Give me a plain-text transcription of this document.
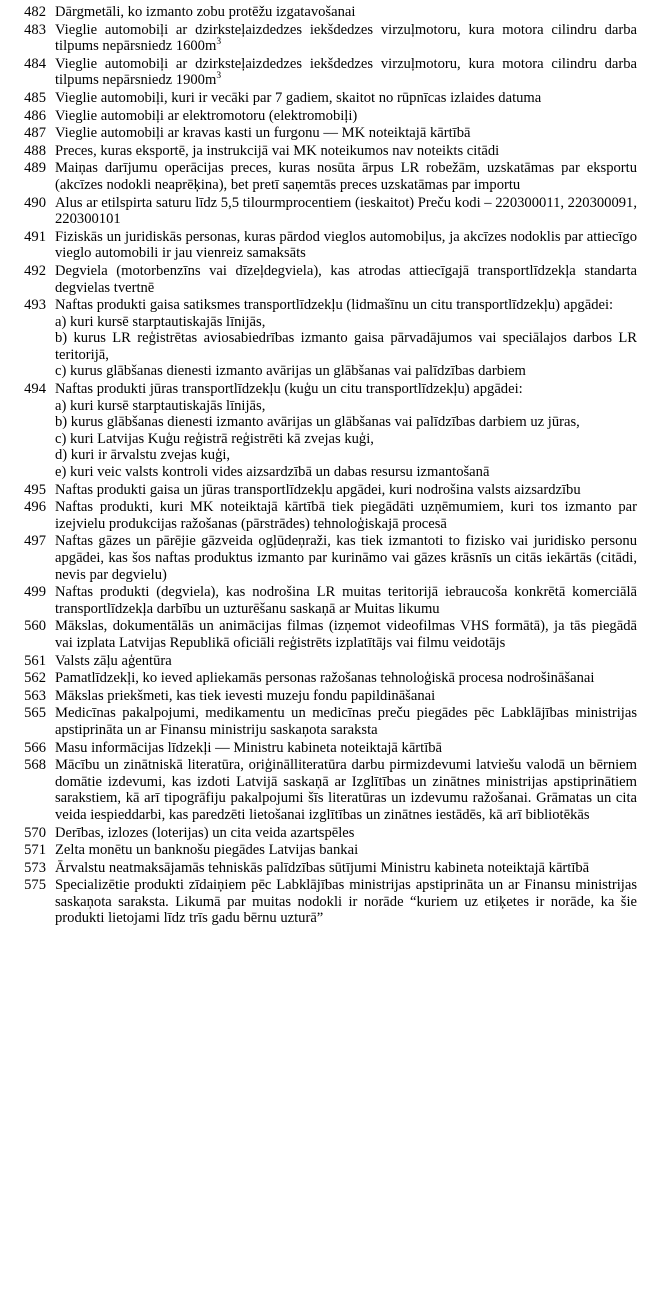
482 Dārgmetāli, ko izmanto zobu protēžu izgatavošanai

483 Vieglie automobiļi ar dzirksteļaizdedzes iekšdedzes virzuļmotoru, kura motora cilindru darba tilpums nepārsniedz $1600m^3$

484 Vieglie automobiļi ar dzirksteļaizdedzes iekšdedzes virzuļmotoru, kura motora cilindru darba tilpums nepārsniedz $1900m^3$

485 Vieglie automobiļi, kuri ir vecāki par 7 gadiem, skaitot no rūpnīcas izlaides datuma

486 Vieglie automobiļi ar elektromotoru (elektromobiļi)

487 Vieglie automobiļi ar kravas kasti un furgonu — MK noteiktajā kārtībā

488 Preces, kuras eksportē, ja instrukcijā vai MK noteikumos nav noteikts citādi

489 Maiņas darījumu operācijas preces, kuras nosūta ārpus LR robežām, uzskatāmas par eksportu (akcīzes nodokli neaprēķina), bet pretī saņemtās preces uzskatāmas par importu

490 Alus ar etilspirta saturu līdz 5,5 tilourmprocentiem (ieskaitot) Preču kodi – 220300011, 220300091, 220300101

491 Fiziskās un juridiskās personas, kuras pārdod vieglos automobiļus, ja akcīzes nodoklis par attiecīgo vieglo automobili ir jau vienreiz samaksāts

492 Degviela (motorbenzīns vai dīzeļdegviela), kas atrodas attiecīgajā transportlīdzekļa standarta degvielas tvertnē

493 Naftas produkti gaisa satiksmes transportlīdzekļu (lidmašīnu un citu transportlīdzekļu) apgādei:

a) kuri kursē starptautiskajās līnijās,

b) kurus LR reģistrētas aviosabiedrības izmanto gaisa pārvadājumos vai speciālajos darbos LR teritorijā,

c) kurus glābšanas dienesti izmanto avārijas un glābšanas vai palīdzības darbiem

494 Naftas produkti jūras transportlīdzekļu (kuģu un citu transportlīdzekļu) apgādei:

a) kuri kursē starptautiskajās līnijās,

b) kurus glābšanas dienesti izmanto avārijas un glābšanas vai palīdzības darbiem uz jūras,

c) kuri Latvijas Kuģu reģistrā reģistrēti kā zvejas kuģi,

d) kuri ir ārvalstu zvejas kuģi,

e) kuri veic valsts kontroli vides aizsardzībā un dabas resursu izmantošanā

495 Naftas produkti gaisa un jūras transportlīdzekļu apgādei, kuri nodrošina valsts aizsardzību

496 Naftas produkti, kuri MK noteiktajā kārtībā tiek piegādāti uzņēmumiem, kuri tos izmanto par izejvielu produkcijas ražošanas (pārstrādes) tehnoloģiskajā procesā

497 Naftas gāzes un pārējie gāzveida ogļūdeņraži, kas tiek izmantoti to fizisko vai juridisko personu apgādei, kas šos naftas produktus izmanto par kurināmo vai gāzes krāsnīs un citās iekārtās (citādi, nevis par degvielu)

499 Naftas produkti (degviela), kas nodrošina LR muitas teritorijā iebraucoša konkrētā komerciālā transportlīdzekļa darbību un uzturēšanu saskaņā ar Muitas likumu

560 Mākslas, dokumentālās un animācijas filmas (izņemot videofilmas VHS formātā), ja tās piegādā vai izplata Latvijas Republikā oficiāli reģistrēts izplatītājs vai filmu veidotājs

561 Valsts zāļu aģentūra

562 Pamatlīdzekļi, ko ieved apliekamās personas ražošanas tehnoloģiskā procesa nodrošināšanai

563 Mākslas priekšmeti, kas tiek ievesti muzeju fondu papildināšanai

565 Medicīnas pakalpojumi, medikamentu un medicīnas preču piegādes pēc Labklājības ministrijas apstiprināta un ar Finansu ministriju saskaņota saraksta

566 Masu informācijas līdzekļi — Ministru kabineta noteiktajā kārtībā

568 Mācību un zinātniskā literatūra, oriģinālliteratūra darbu pirmizdevumi latviešu valodā un bērniem domātie izdevumi, kas izdoti Latvijā saskaņā ar Izglītības un zinātnes ministrijas apstiprinātiem sarakstiem, kā arī tipogrāfiju pakalpojumi šīs literatūras un izdevumu ražošanai. Grāmatas un cita veida iespieddarbi, kas paredzēti lietošanai izglītības un zinātnes iestādēs, kā arī bibliotēkās

570 Derības, izlozes (loterijas) un cita veida azartspēles

571 Zelta monētu un banknošu piegādes Latvijas bankai

573 Ārvalstu neatmaksājamās tehniskās palīdzības sūtījumi Ministru kabineta noteiktajā kārtībā

575 Specializētie produkti zīdaiņiem pēc Labklājības ministrijas apstiprināta un ar Finansu ministrijas saskaņota saraksta. Likumā par muitas nodokli ir norāde “kuriem uz etiķetes ir norāde, ka šie produkti lietojami līdz trīs gadu bērnu uzturā”
